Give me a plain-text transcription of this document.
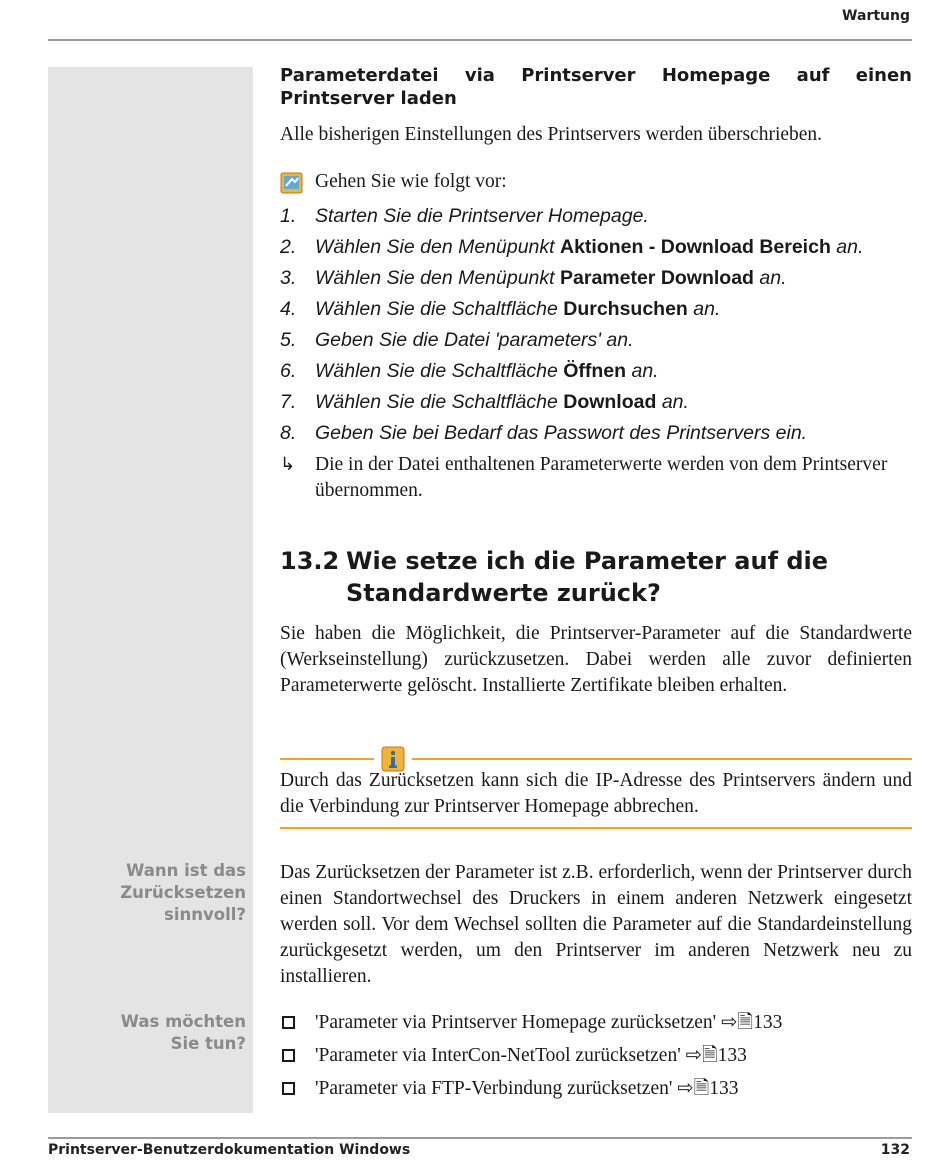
Wartung
Parameterdatei via Printserver Homepage auf einen Printserver laden
Alle bisherigen Einstellungen des Printservers werden überschrieben.
Gehen Sie wie folgt vor:
1. Starten Sie die Printserver Homepage.
2. Wählen Sie den Menüpunkt Aktionen - Download Bereich an.
3. Wählen Sie den Menüpunkt Parameter Download an.
4. Wählen Sie die Schaltfläche Durchsuchen an.
5. Geben Sie die Datei 'parameters' an.
6. Wählen Sie die Schaltfläche Öffnen an.
7. Wählen Sie die Schaltfläche Download an.
8. Geben Sie bei Bedarf das Passwort des Printservers ein.
↳ Die in der Datei enthaltenen Parameterwerte werden von dem Printserver übernommen.
13.2 Wie setze ich die Parameter auf die Standardwerte zurück?
Sie haben die Möglichkeit, die Printserver-Parameter auf die Standardwerte (Werkseinstellung) zurückzusetzen. Dabei werden alle zuvor definierten Parameterwerte gelöscht. Installierte Zertifikate bleiben erhalten.
Durch das Zurücksetzen kann sich die IP-Adresse des Printservers ändern und die Verbindung zur Printserver Homepage abbrechen.
Wann ist das
Zurücksetzen
sinnvoll?
Das Zurücksetzen der Parameter ist z.B. erforderlich, wenn der Printserver durch einen Standortwechsel des Druckers in einem anderen Netzwerk eingesetzt werden soll. Vor dem Wechsel sollten die Parameter auf die Standardeinstellung zurückgesetzt werden, um den Printserver im anderen Netzwerk neu zu installieren.
Was möchten
Sie tun?
'Parameter via Printserver Homepage zurücksetzen' ⇨🗎133
'Parameter via InterCon-NetTool zurücksetzen' ⇨🗎133
'Parameter via FTP-Verbindung zurücksetzen' ⇨🗎133
Printserver-Benutzerdokumentation Windows	132
